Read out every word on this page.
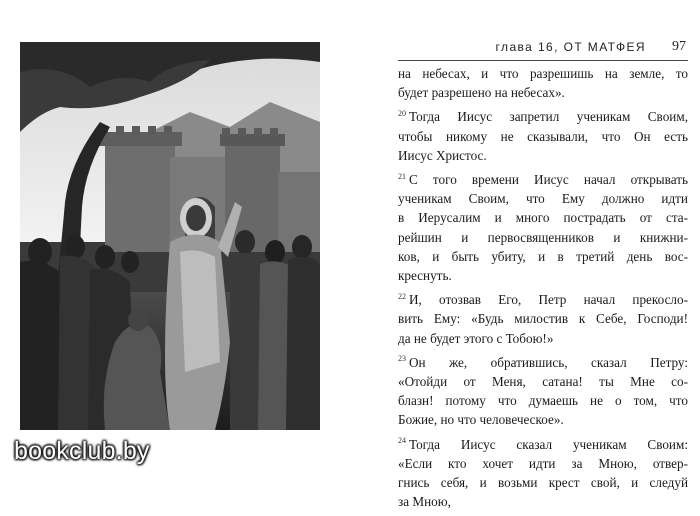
глава 16, ОТ МАТФЕЯ 97

на небесах, и что разрешишь на земле, то
будет разрешено на небесах».

$^{20}$ Тогда Иисус запретил ученикам Своим,
чтобы никому не сказывали, что Он есть
Иисус Христос.

$^{21}$ С того времени Иисус начал открывать
ученикам Своим, что Ему должно идти
в Иерусалим и много пострадать от ста-
рейшин и первосвященников и книжни-
ков, и быть убиту, и в третий день вос-
креснуть.

$^{22}$ И, отозвав Его, Петр начал прекосло-
вить Ему: «Будь милостив к Себе, Господи!
да не будет этого с Тобою!»

$^{23}$ Он же, обратившись, сказал Петру:
«Отойди от Меня, сатана! ты Мне со-
блазн! потому что думаешь не о том, что
Божие, но что человеческое».

$^{24}$ Тогда Иисус сказал ученикам Своим:
«Если кто хочет идти за Мною, отвер-
гнись себя, и возьми крест свой, и следуй
за Мною,

bookclub.by
